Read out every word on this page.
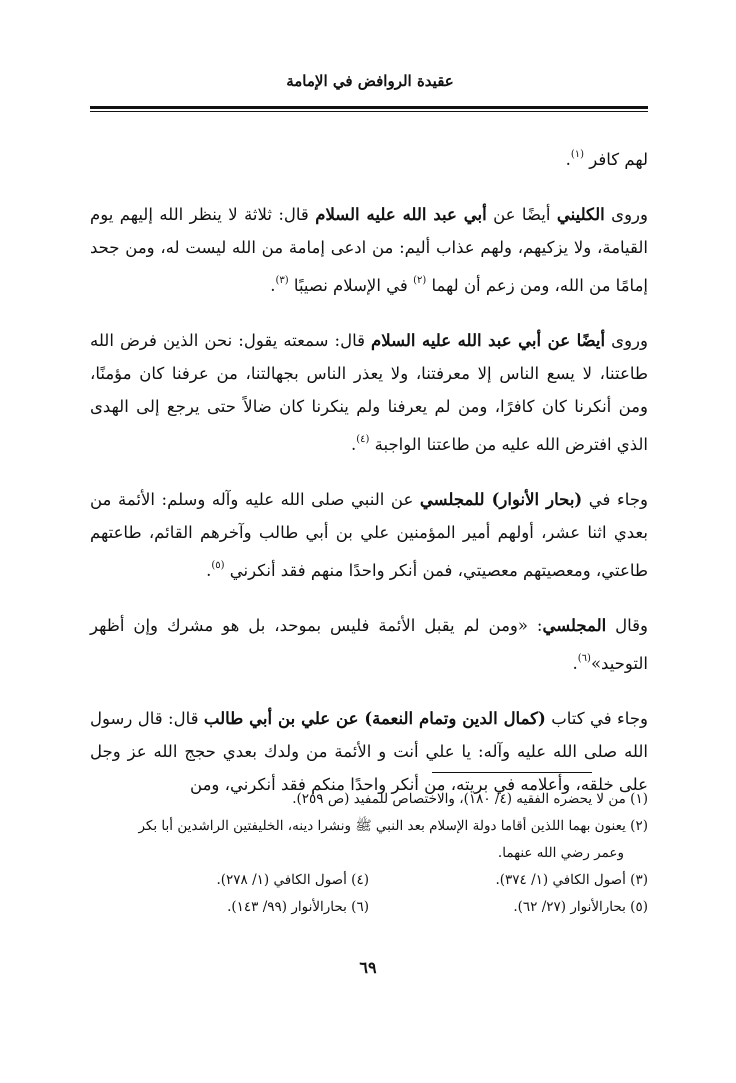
عقيدة الروافض في الإمامة

لهم كافر $^{(١)}$.

وروى الكليني أيضًا عن أبي عبد الله عليه السلام قال: ثلاثة لا ينظر الله إليهم يوم القيامة، ولا يزكيهم، ولهم عذاب أليم: من ادعى إمامة من الله ليست له، ومن جحد إمامًا من الله، ومن زعم أن لهما $^{(٢)}$ في الإسلام نصيبًا $^{(٣)}$.

وروى أيضًا عن أبي عبد الله عليه السلام قال: سمعته يقول: نحن الذين فرض الله طاعتنا، لا يسع الناس إلا معرفتنا، ولا يعذر الناس بجهالتنا، من عرفنا كان مؤمنًا، ومن أنكرنا كان كافرًا، ومن لم يعرفنا ولم ينكرنا كان ضالاً حتى يرجع إلى الهدى الذي افترض الله عليه من طاعتنا الواجبة $^{(٤)}$.

وجاء في (بحار الأنوار) للمجلسي عن النبي صلى الله عليه وآله وسلم: الأئمة من بعدي اثنا عشر، أولهم أمير المؤمنين علي بن أبي طالب وآخرهم القائم، طاعتهم طاعتي، ومعصيتهم معصيتي، فمن أنكر واحدًا منهم فقد أنكرني $^{(٥)}$.

وقال المجلسي: «ومن لم يقبل الأئمة فليس بموحد، بل هو مشرك وإن أظهر التوحيد»$^{(٦)}$.

وجاء في كتاب (كمال الدين وتمام النعمة) عن علي بن أبي طالب قال: قال رسول الله صلى الله عليه وآله: يا علي أنت و الأئمة من ولدك بعدي حجج الله عز وجل على خلقه، وأعلامه في بريته، من أنكر واحدًا منكم فقد أنكرني، ومن

(١) من لا يحضره الفقيه (٤/ ١٨٠)، والاختصاص للمفيد (ص ٢٥٩).
(٢) يعنون بهما اللذين أقاما دولة الإسلام بعد النبي ﷺ ونشرا دينه، الخليفتين الراشدين أبا بكر
وعمر رضي الله عنهما.
(٣) أصول الكافي (١/ ٣٧٤).
(٤) أصول الكافي (١/ ٢٧٨).
(٥) بحارالأنوار (٢٧/ ٦٢).
(٦) بحارالأنوار (٩٩/ ١٤٣).
٦٩
